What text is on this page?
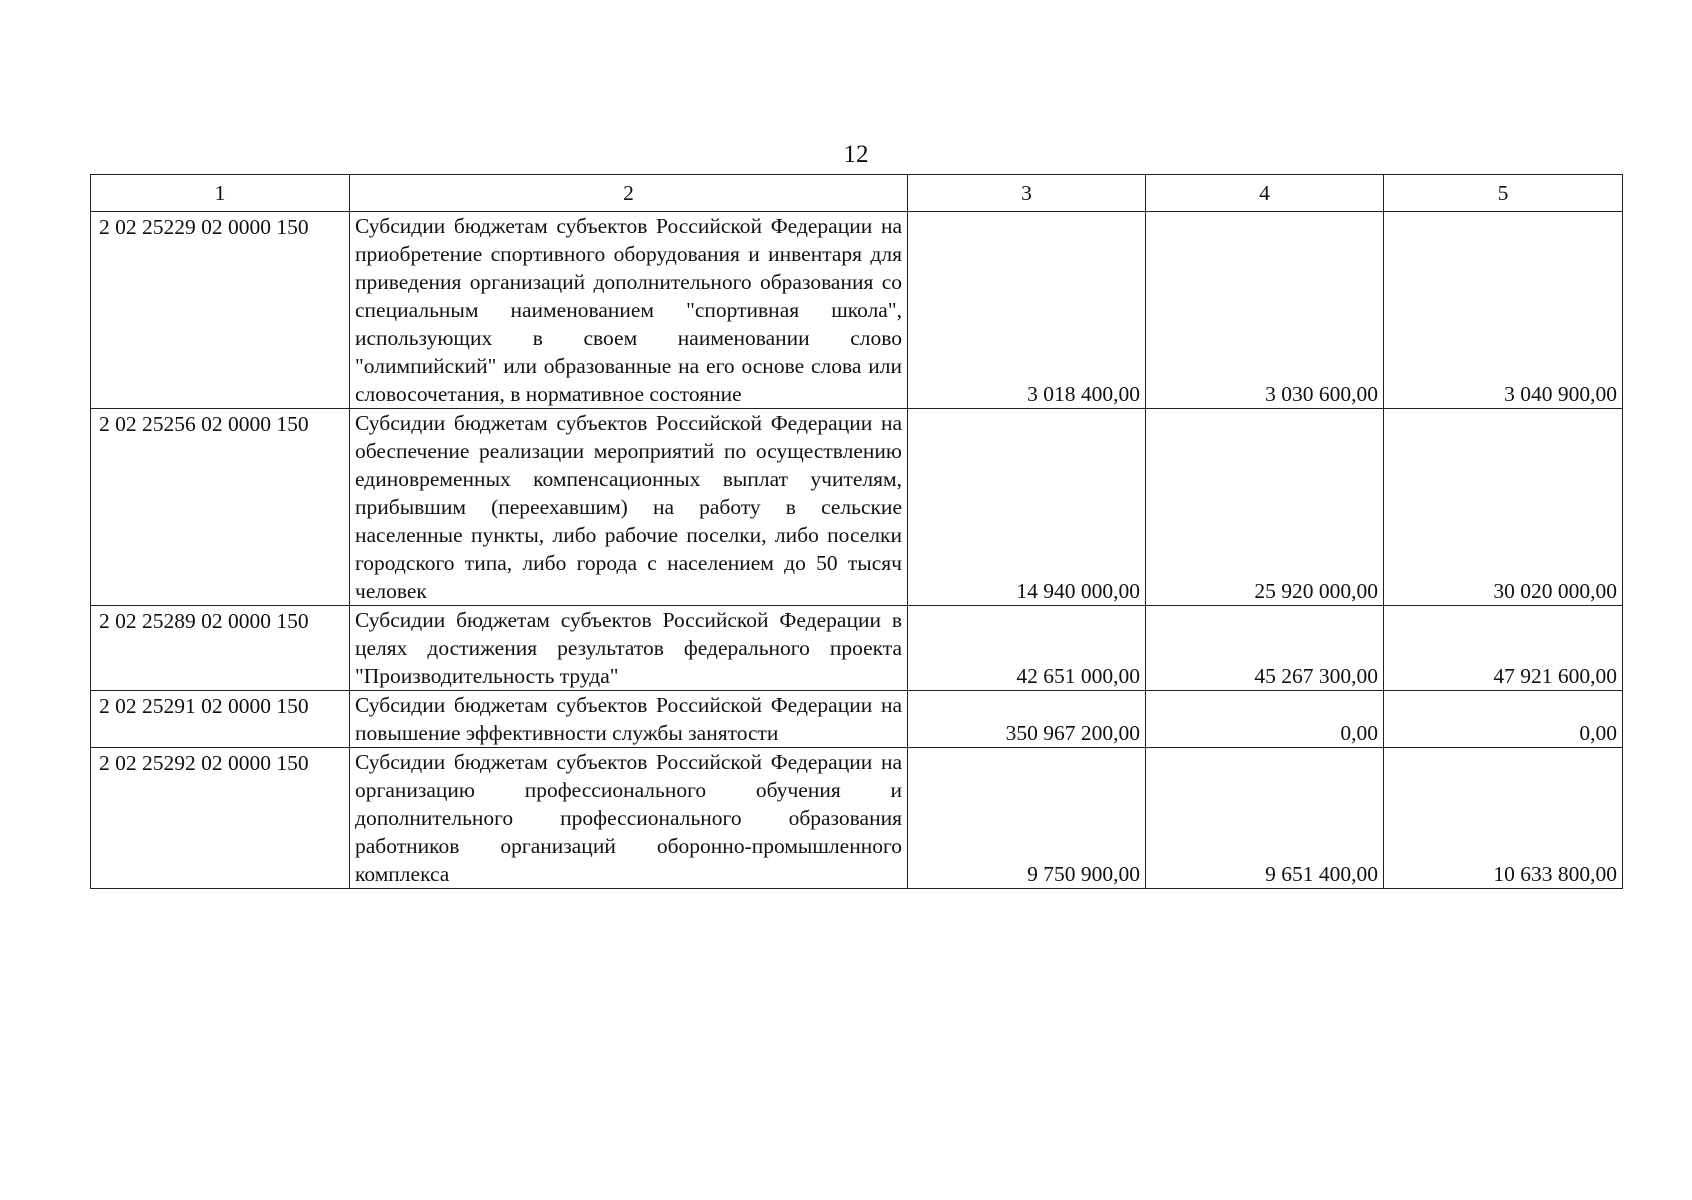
12
1	2	3	4	5
2 02 25229 02 0000 150	Субсидии бюджетам субъектов Российской Федерации на приобретение спортивного оборудования и инвентаря для приведения организаций дополнительного образования со специальным наименованием "спортивная школа", использующих в своем наименовании слово "олимпийский" или образованные на его основе слова или словосочетания, в нормативное состояние	3 018 400,00	3 030 600,00	3 040 900,00
2 02 25256 02 0000 150	Субсидии бюджетам субъектов Российской Федерации на обеспечение реализации мероприятий по осуществлению единовременных компенсационных выплат учителям, прибывшим (переехавшим) на работу в сельские населенные пункты, либо рабочие поселки, либо поселки городского типа, либо города с населением до 50 тысяч человек	14 940 000,00	25 920 000,00	30 020 000,00
2 02 25289 02 0000 150	Субсидии бюджетам субъектов Российской Федерации в целях достижения результатов федерального проекта "Производительность труда"	42 651 000,00	45 267 300,00	47 921 600,00
2 02 25291 02 0000 150	Субсидии бюджетам субъектов Российской Федерации на повышение эффективности службы занятости	350 967 200,00	0,00	0,00
2 02 25292 02 0000 150	Субсидии бюджетам субъектов Российской Федерации на организацию профессионального обучения и дополнительного профессионального образования работников организаций оборонно-промышленного комплекса	9 750 900,00	9 651 400,00	10 633 800,00
